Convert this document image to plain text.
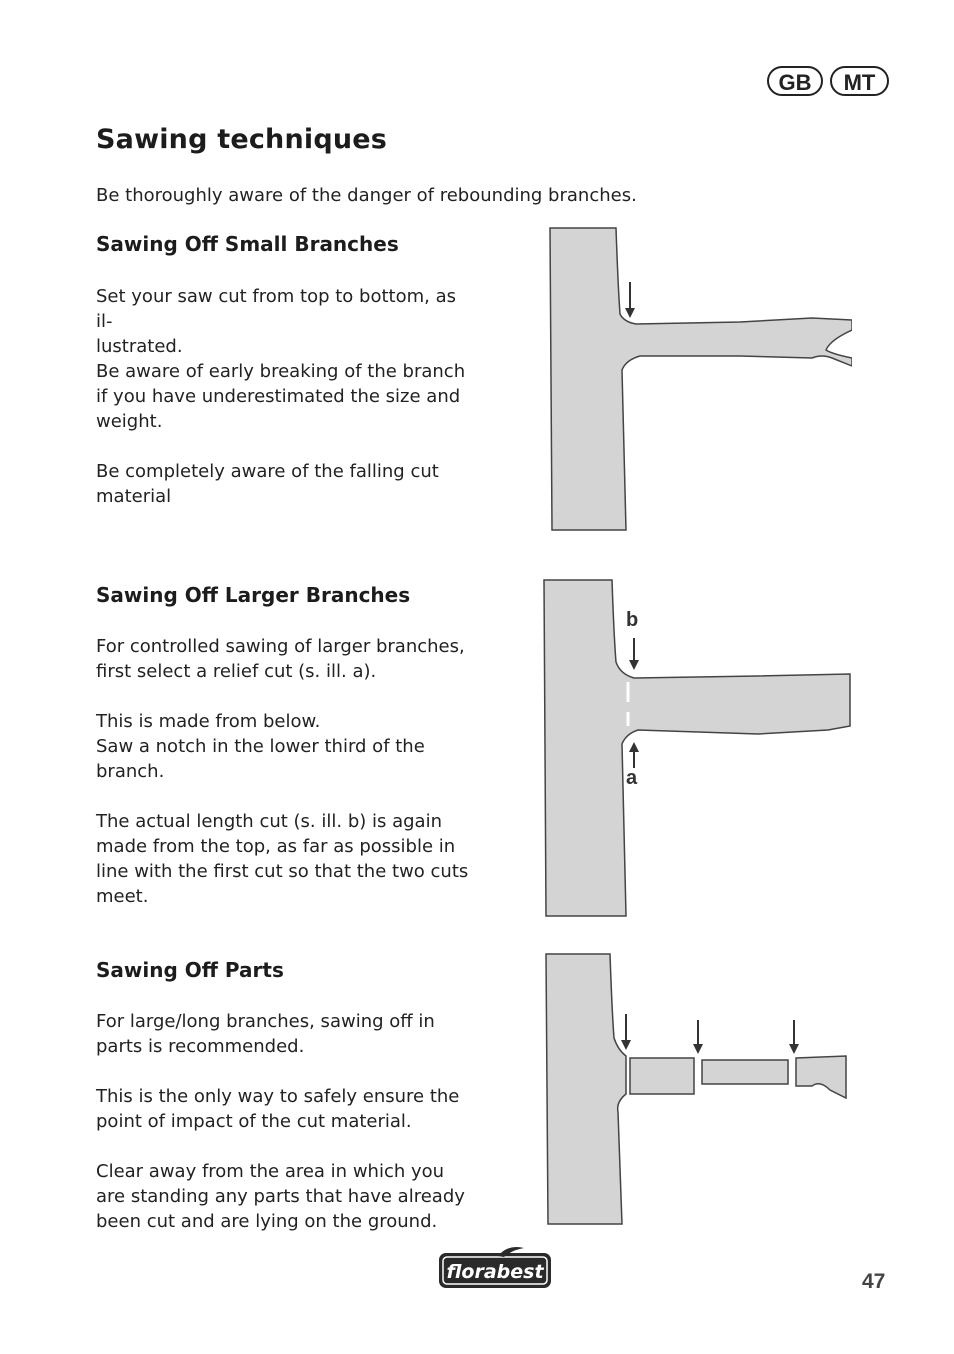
GB	MT
Sawing techniques

Be thoroughly aware of the danger of rebounding branches.

Sawing Off Small Branches

Set your saw cut from top to bottom, as il-
lustrated.

Be aware of early breaking of the branch
if you have underestimated the size and
weight.

Be completely aware of the falling cut
material

Sawing Off Larger Branches

For controlled sawing of larger branches,
first select a relief cut (s. ill. a).

This is made from below.
Saw a notch in the lower third of the
branch.

The actual length cut (s. ill. b) is again
made from the top, as far as possible in
line with the first cut so that the two cuts
meet.

Sawing Off Parts

For large/long branches, sawing off in
parts is recommended.

This is the only way to safely ensure the
point of impact of the cut material.

Clear away from the area in which you
are standing any parts that have already
been cut and are lying on the ground.

b
a
florabest	47
